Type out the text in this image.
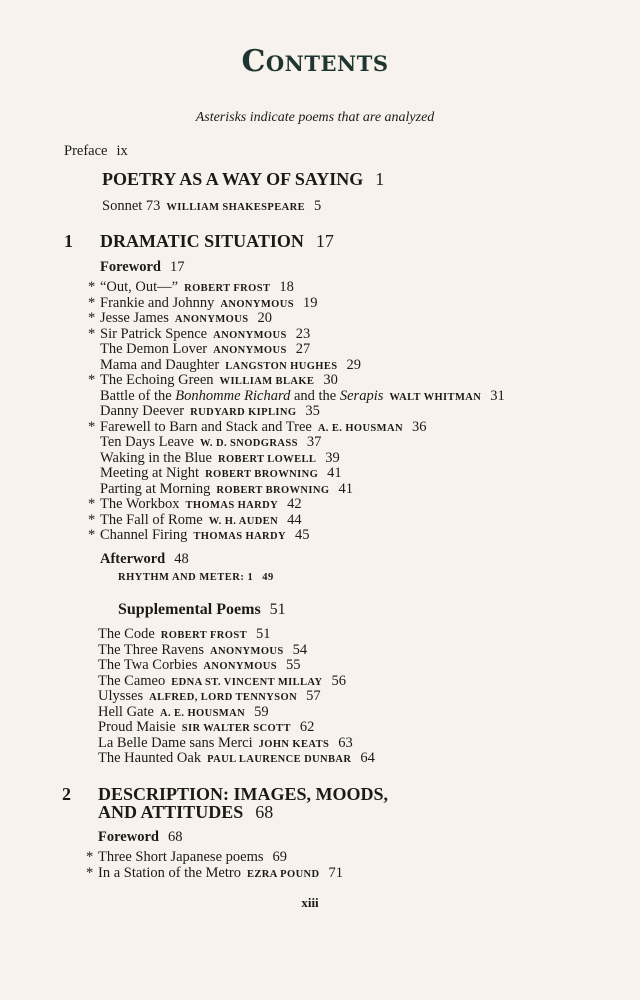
Contents
Asterisks indicate poems that are analyzed
Preface ix
POETRY AS A WAY OF SAYING 1
Sonnet 73 WILLIAM SHAKESPEARE 5
1 DRAMATIC SITUATION 17
Foreword 17
* “Out, Out—” ROBERT FROST 18
* Frankie and Johnny ANONYMOUS 19
* Jesse James ANONYMOUS 20
* Sir Patrick Spence ANONYMOUS 23
The Demon Lover ANONYMOUS 27
Mama and Daughter LANGSTON HUGHES 29
* The Echoing Green WILLIAM BLAKE 30
Battle of the Bonhomme Richard and the Serapis WALT WHITMAN 31
Danny Deever RUDYARD KIPLING 35
* Farewell to Barn and Stack and Tree A. E. HOUSMAN 36
Ten Days Leave W. D. SNODGRASS 37
Waking in the Blue ROBERT LOWELL 39
Meeting at Night ROBERT BROWNING 41
Parting at Morning ROBERT BROWNING 41
* The Workbox THOMAS HARDY 42
* The Fall of Rome W. H. AUDEN 44
* Channel Firing THOMAS HARDY 45
Afterword 48
RHYTHM AND METER: 1 49
Supplemental Poems 51
The Code ROBERT FROST 51
The Three Ravens ANONYMOUS 54
The Twa Corbies ANONYMOUS 55
The Cameo EDNA ST. VINCENT MILLAY 56
Ulysses ALFRED, LORD TENNYSON 57
Hell Gate A. E. HOUSMAN 59
Proud Maisie SIR WALTER SCOTT 62
La Belle Dame sans Merci JOHN KEATS 63
The Haunted Oak PAUL LAURENCE DUNBAR 64
2 DESCRIPTION: IMAGES, MOODS,
AND ATTITUDES 68
Foreword 68
* Three Short Japanese poems 69
* In a Station of the Metro EZRA POUND 71
xiii
